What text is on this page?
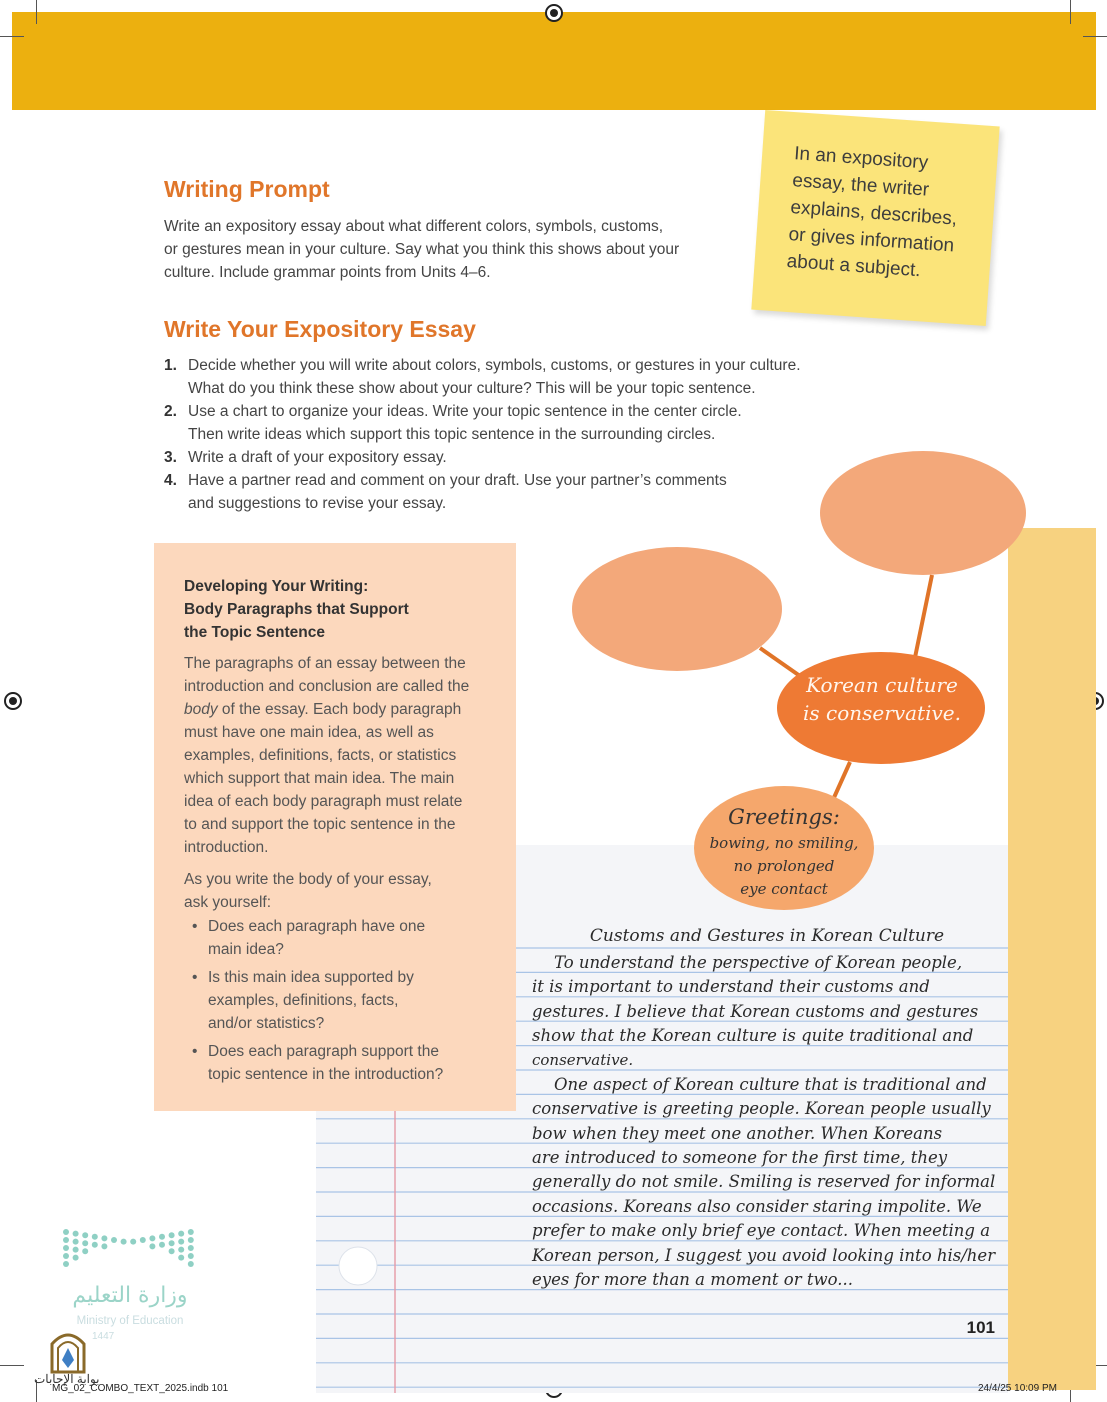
Writing Prompt
Write an expository essay about what different colors, symbols, customs,
or gestures mean in your culture. Say what you think this shows about your
culture. Include grammar points from Units 4–6.
In an expository
essay, the writer
explains, describes,
or gives information
about a subject.
Write Your Expository Essay
1. Decide whether you will write about colors, symbols, customs, or gestures in your culture.
What do you think these show about your culture? This will be your topic sentence.
2. Use a chart to organize your ideas. Write your topic sentence in the center circle.
Then write ideas which support this topic sentence in the surrounding circles.
3. Write a draft of your expository essay.
4. Have a partner read and comment on your draft. Use your partner’s comments
and suggestions to revise your essay.
Korean culture
is conservative.
Greetings:
bowing, no smiling,
no prolonged
eye contact
Customs and Gestures in Korean Culture
To understand the perspective of Korean people,
it is important to understand their customs and
gestures. I believe that Korean customs and gestures
show that the Korean culture is quite traditional and
conservative.
One aspect of Korean culture that is traditional and
conservative is greeting people. Korean people usually
bow when they meet one another. When Koreans
are introduced to someone for the first time, they
generally do not smile. Smiling is reserved for informal
occasions. Koreans also consider staring impolite. We
prefer to make only brief eye contact. When meeting a
Korean person, I suggest you avoid looking into his/her
eyes for more than a moment or two...
Developing Your Writing:
Body Paragraphs that Support
the Topic Sentence
The paragraphs of an essay between the
introduction and conclusion are called the
body of the essay. Each body paragraph
must have one main idea, as well as
examples, definitions, facts, or statistics
which support that main idea. The main
idea of each body paragraph must relate
to and support the topic sentence in the
introduction.
As you write the body of your essay,
ask yourself:
• Does each paragraph have one
main idea?
• Is this main idea supported by
examples, definitions, facts,
and/or statistics?
• Does each paragraph support the
topic sentence in the introduction?
101
وزارة التعليم
Ministry of Education
1447
بوابة الإجابات
MG_02_COMBO_TEXT_2025.indb 101	24/4/25 10:09 PM
